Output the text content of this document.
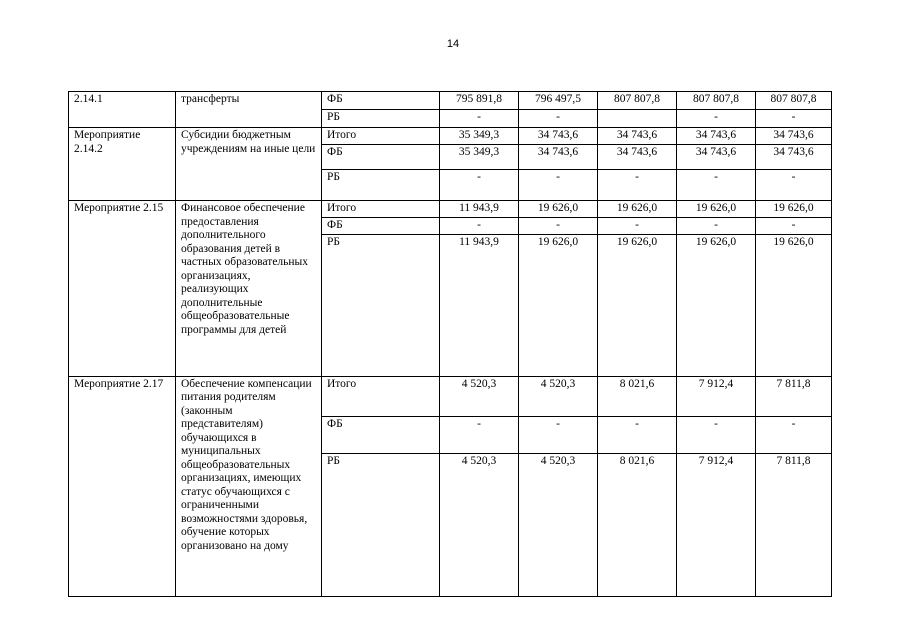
14
2.14.1	трансферты	ФБ	795 891,8	796 497,5	807 807,8	807 807,8	807 807,8
		РБ	-	-		-	-
Мероприятие 2.14.2	Субсидии бюджетным учреждениям на иные цели	Итого	35 349,3	34 743,6	34 743,6	34 743,6	34 743,6
		ФБ	35 349,3	34 743,6	34 743,6	34 743,6	34 743,6
		РБ	-	-	-	-	-
Мероприятие 2.15	Финансовое обеспечение предоставления дополнительного образования детей в частных образовательных организациях, реализующих дополнительные общеобразовательные программы для детей	Итого	11 943,9	19 626,0	19 626,0	19 626,0	19 626,0
		ФБ	-	-	-	-	-
		РБ	11 943,9	19 626,0	19 626,0	19 626,0	19 626,0
Мероприятие 2.17	Обеспечение компенсации питания родителям (законным представителям) обучающихся в муниципальных общеобразовательных организациях, имеющих статус обучающихся с ограниченными возможностями здоровья, обучение которых организовано на дому	Итого	4 520,3	4 520,3	8 021,6	7 912,4	7 811,8
		ФБ	-	-	-	-	-
		РБ	4 520,3	4 520,3	8 021,6	7 912,4	7 811,8
